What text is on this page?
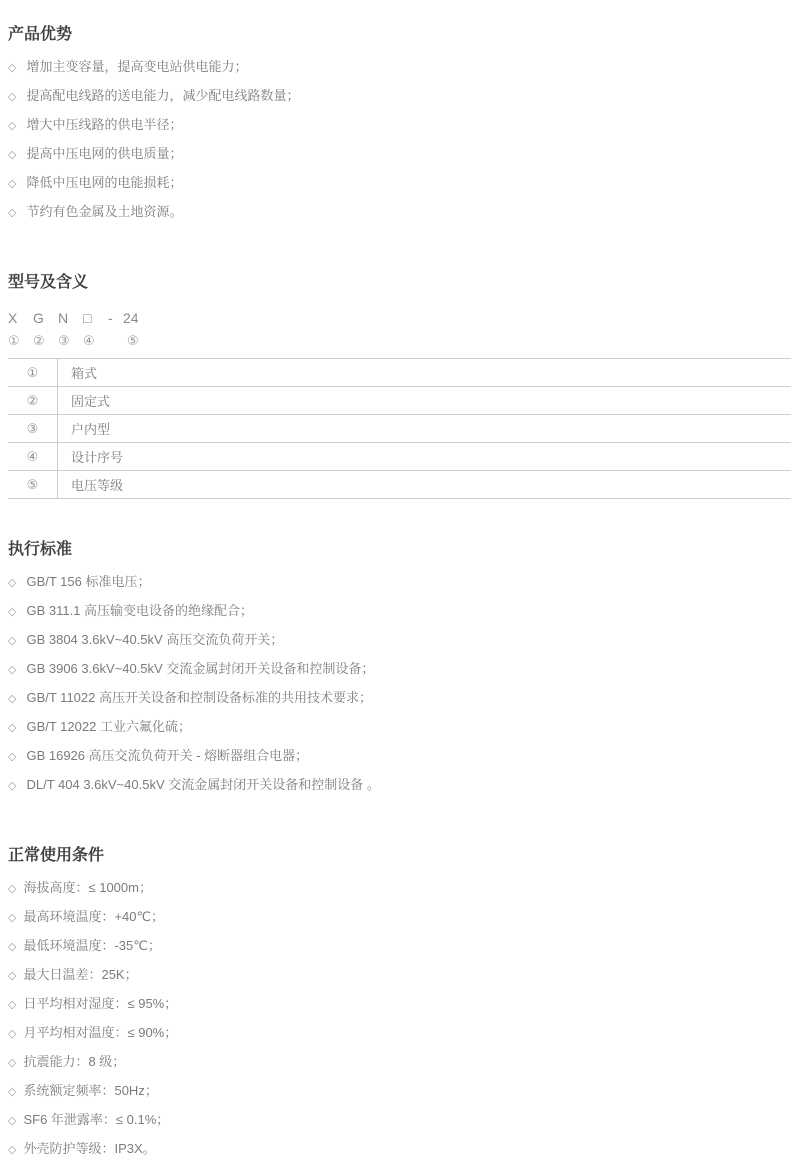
产品优势
◇ 增加主变容量，提高变电站供电能力；
◇ 提高配电线路的送电能力，减少配电线路数量；
◇ 增大中压线路的供电半径；
◇ 提高中压电网的供电质量；
◇ 降低中压电网的电能损耗；
◇ 节约有色金属及土地资源。
型号及含义
X G N □ - 24
① ② ③ ④ ⑤
①	箱式
②	固定式
③	户内型
④	设计序号
⑤	电压等级
执行标准
◇ GB/T 156 标准电压；
◇ GB 311.1 高压输变电设备的绝缘配合；
◇ GB 3804 3.6kV~40.5kV 高压交流负荷开关；
◇ GB 3906 3.6kV~40.5kV 交流金属封闭开关设备和控制设备；
◇ GB/T 11022 高压开关设备和控制设备标准的共用技术要求；
◇ GB/T 12022 工业六氟化硫；
◇ GB 16926 高压交流负荷开关 - 熔断器组合电器；
◇ DL/T 404 3.6kV~40.5kV 交流金属封闭开关设备和控制设备 。
正常使用条件
◇ 海拔高度：≤ 1000m；
◇ 最高环境温度：+40℃；
◇ 最低环境温度：-35℃；
◇ 最大日温差：25K；
◇ 日平均相对湿度：≤ 95%；
◇ 月平均相对温度：≤ 90%；
◇ 抗震能力：8 级；
◇ 系统额定频率：50Hz；
◇ SF6 年泄露率：≤ 0.1%；
◇ 外壳防护等级：IP3X。
